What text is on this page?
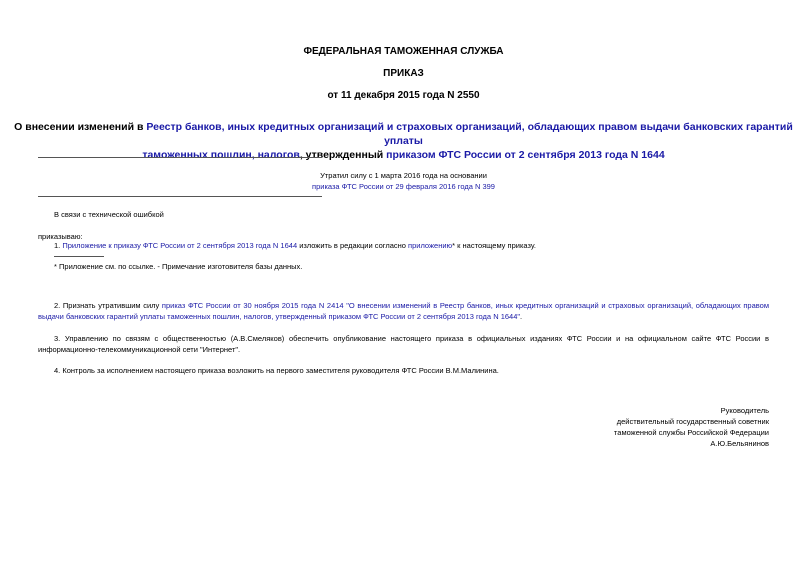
ФЕДЕРАЛЬНАЯ ТАМОЖЕННАЯ СЛУЖБА
ПРИКАЗ
от 11 декабря 2015 года N 2550
О внесении изменений в Реестр банков, иных кредитных организаций и страховых организаций, обладающих правом выдачи банковских гарантий уплаты
таможенных пошлин, налогов, утвержденный приказом ФТС России от 2 сентября 2013 года N 1644
Утратил силу с 1 марта 2016 года на основании
приказа ФТС России от 29 февраля 2016 года N 399
В связи с технической ошибкой
приказываю:
1. Приложение к приказу ФТС России от 2 сентября 2013 года N 1644 изложить в редакции согласно приложению* к настоящему приказу.
* Приложение см. по ссылке. - Примечание изготовителя базы данных.
2. Признать утратившим силу приказ ФТС России от 30 ноября 2015 года N 2414 "О внесении изменений в Реестр банков, иных кредитных организаций и страховых организаций, обладающих правом выдачи банковских гарантий уплаты таможенных пошлин, налогов, утвержденный приказом ФТС России от 2 сентября 2013 года N 1644".
3. Управлению по связям с общественностью (А.В.Смеляков) обеспечить опубликование настоящего приказа в официальных изданиях ФТС России и на официальном сайте ФТС России в информационно-телекоммуникационной сети "Интернет".
4. Контроль за исполнением настоящего приказа возложить на первого заместителя руководителя ФТС России В.М.Малинина.
Руководитель
действительный государственный советник
таможенной службы Российской Федерации
А.Ю.Бельянинов
